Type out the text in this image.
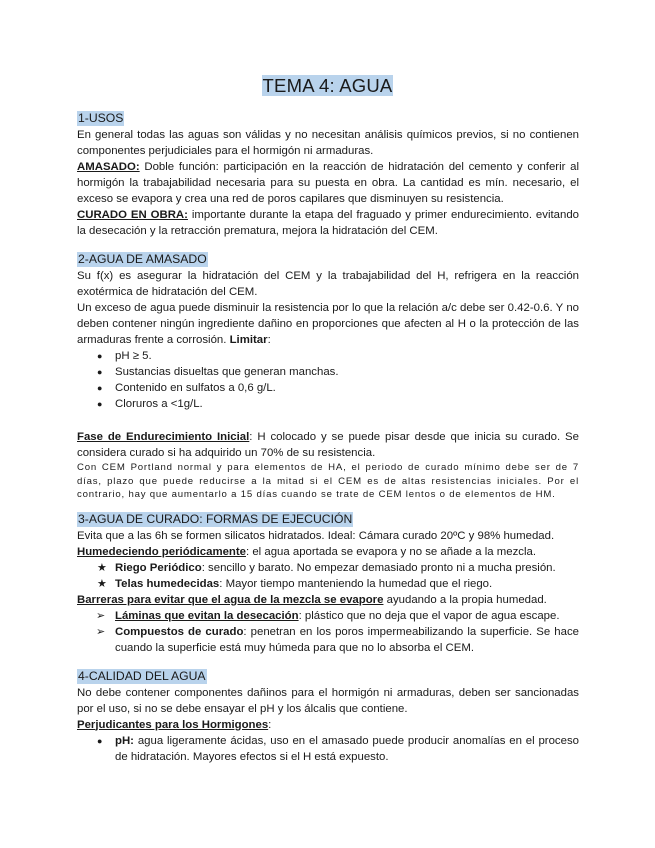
TEMA 4: AGUA
1-USOS

En general todas las aguas son válidas y no necesitan análisis químicos previos, si no contienen componentes perjudiciales para el hormigón ni armaduras.

AMASADO: Doble función: participación en la reacción de hidratación del cemento y conferir al hormigón la trabajabilidad necesaria para su puesta en obra. La cantidad es mín. necesario, el exceso se evapora y crea una red de poros capilares que disminuyen su resistencia.

CURADO EN OBRA: importante durante la etapa del fraguado y primer endurecimiento. evitando la desecación y la retracción prematura, mejora la hidratación del CEM.

2-AGUA DE AMASADO

Su f(x) es asegurar la hidratación del CEM y la trabajabilidad del H, refrigera en la reacción exotérmica de hidratación del CEM.

Un exceso de agua puede disminuir la resistencia por lo que la relación a/c debe ser 0.42-0.6. Y no deben contener ningún ingrediente dañino en proporciones que afecten al H o la protección de las armaduras frente a corrosión. Limitar:

● pH ≥ 5.
● Sustancias disueltas que generan manchas.
● Contenido en sulfatos a 0,6 g/L.
● Cloruros a <1g/L.

Fase de Endurecimiento Inicial: H colocado y se puede pisar desde que inicia su curado. Se considera curado si ha adquirido un 70% de su resistencia.

Con CEM Portland normal y para elementos de HA, el periodo de curado mínimo debe ser de 7 días, plazo que puede reducirse a la mitad si el CEM es de altas resistencias iniciales. Por el contrario, hay que aumentarlo a 15 días cuando se trate de CEM lentos o de elementos de HM.

3-AGUA DE CURADO: FORMAS DE EJECUCIÓN

Evita que a las 6h se formen silicatos hidratados. Ideal: Cámara curado 20ºC y 98% humedad.

Humedeciendo periódicamente: el agua aportada se evapora y no se añade a la mezcla.

★ Riego Periódico: sencillo y barato. No empezar demasiado pronto ni a mucha presión.
★ Telas humedecidas: Mayor tiempo manteniendo la humedad que el riego.

Barreras para evitar que el agua de la mezcla se evapore ayudando a la propia humedad.

➢ Láminas que evitan la desecación: plástico que no deja que el vapor de agua escape.
➢ Compuestos de curado: penetran en los poros impermeabilizando la superficie. Se hace cuando la superficie está muy húmeda para que no lo absorba el CEM.
4-CALIDAD DEL AGUA

No debe contener componentes dañinos para el hormigón ni armaduras, deben ser sancionadas por el uso, si no se debe ensayar el pH y los álcalis que contiene.

Perjudicantes para los Hormigones:

● pH: agua ligeramente ácidas, uso en el amasado puede producir anomalías en el proceso de hidratación. Mayores efectos si el H está expuesto.
